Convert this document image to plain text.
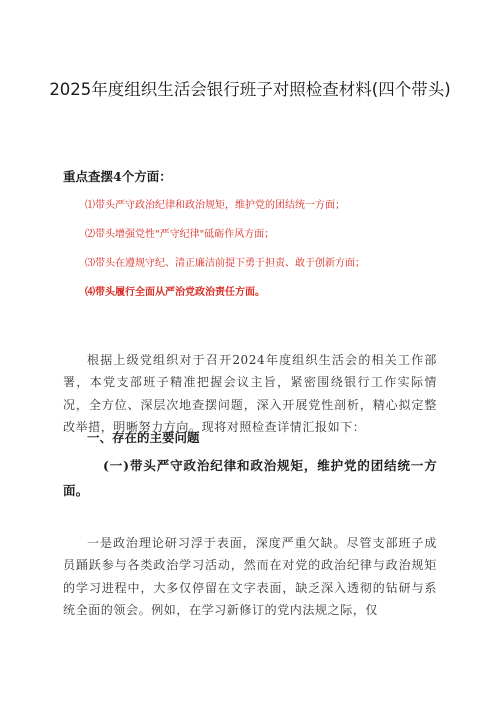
2025年度组织生活会银行班子对照检查材料(四个带头)
重点查摆4个方面：
⑴带头严守政治纪律和政治规矩，维护党的团结统一方面；
⑵带头增强党性"严守纪律"砥砺作风方面；
⑶带头在遵规守纪、清正廉洁前提下勇于担责、敢于创新方面；
⑷带头履行全面从严治党政治责任方面。

根据上级党组织对于召开2024年度组织生活会的相关工作部署，本党支部班子精准把握会议主旨，紧密围绕银行工作实际情况，全方位、深层次地查摆问题，深入开展党性剖析，精心拟定整改举措，明晰努力方向。现将对照检查详情汇报如下：

一、存在的主要问题

(一)带头严守政治纪律和政治规矩，维护党的团结统一方面。

一是政治理论研习浮于表面，深度严重欠缺。尽管支部班子成员踊跃参与各类政治学习活动，然而在对党的政治纪律与政治规矩的学习进程中，大多仅停留在文字表面，缺乏深入透彻的钻研与系统全面的领会。例如，在学习新修订的党内法规之际，仅
